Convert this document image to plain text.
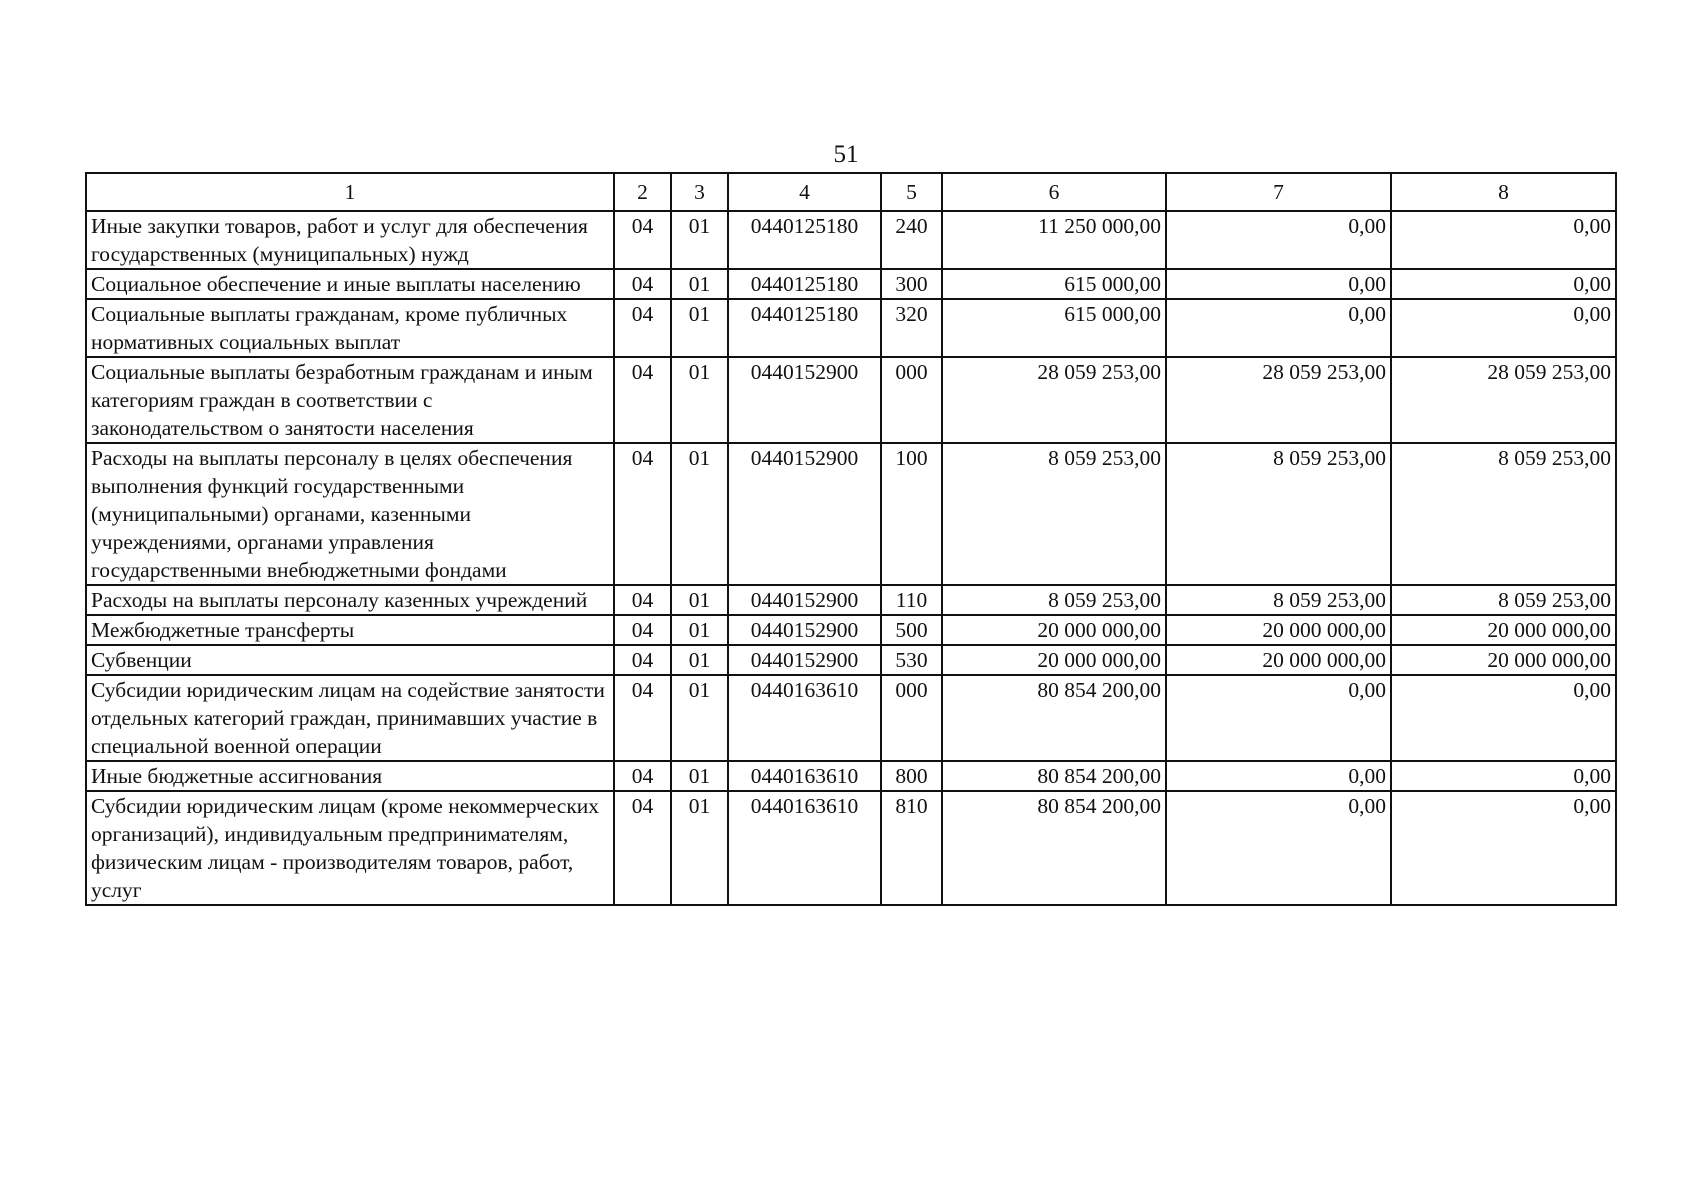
51
1	2	3	4	5	6	7	8
Иные закупки товаров, работ и услуг для обеспечения государственных (муниципальных) нужд	04	01	0440125180	240	11 250 000,00	0,00	0,00
Социальное обеспечение и иные выплаты населению	04	01	0440125180	300	615 000,00	0,00	0,00
Социальные выплаты гражданам, кроме публичных нормативных социальных выплат	04	01	0440125180	320	615 000,00	0,00	0,00
Социальные выплаты безработным гражданам и иным категориям граждан в соответствии с законодательством о занятости населения	04	01	0440152900	000	28 059 253,00	28 059 253,00	28 059 253,00
Расходы на выплаты персоналу в целях обеспечения выполнения функций государственными (муниципальными) органами, казенными учреждениями, органами управления государственными внебюджетными фондами	04	01	0440152900	100	8 059 253,00	8 059 253,00	8 059 253,00
Расходы на выплаты персоналу казенных учреждений	04	01	0440152900	110	8 059 253,00	8 059 253,00	8 059 253,00
Межбюджетные трансферты	04	01	0440152900	500	20 000 000,00	20 000 000,00	20 000 000,00
Субвенции	04	01	0440152900	530	20 000 000,00	20 000 000,00	20 000 000,00
Субсидии юридическим лицам на содействие занятости отдельных категорий граждан, принимавших участие в специальной военной операции	04	01	0440163610	000	80 854 200,00	0,00	0,00
Иные бюджетные ассигнования	04	01	0440163610	800	80 854 200,00	0,00	0,00
Субсидии юридическим лицам (кроме некоммерческих организаций), индивидуальным предпринимателям, физическим лицам - производителям товаров, работ, услуг	04	01	0440163610	810	80 854 200,00	0,00	0,00
